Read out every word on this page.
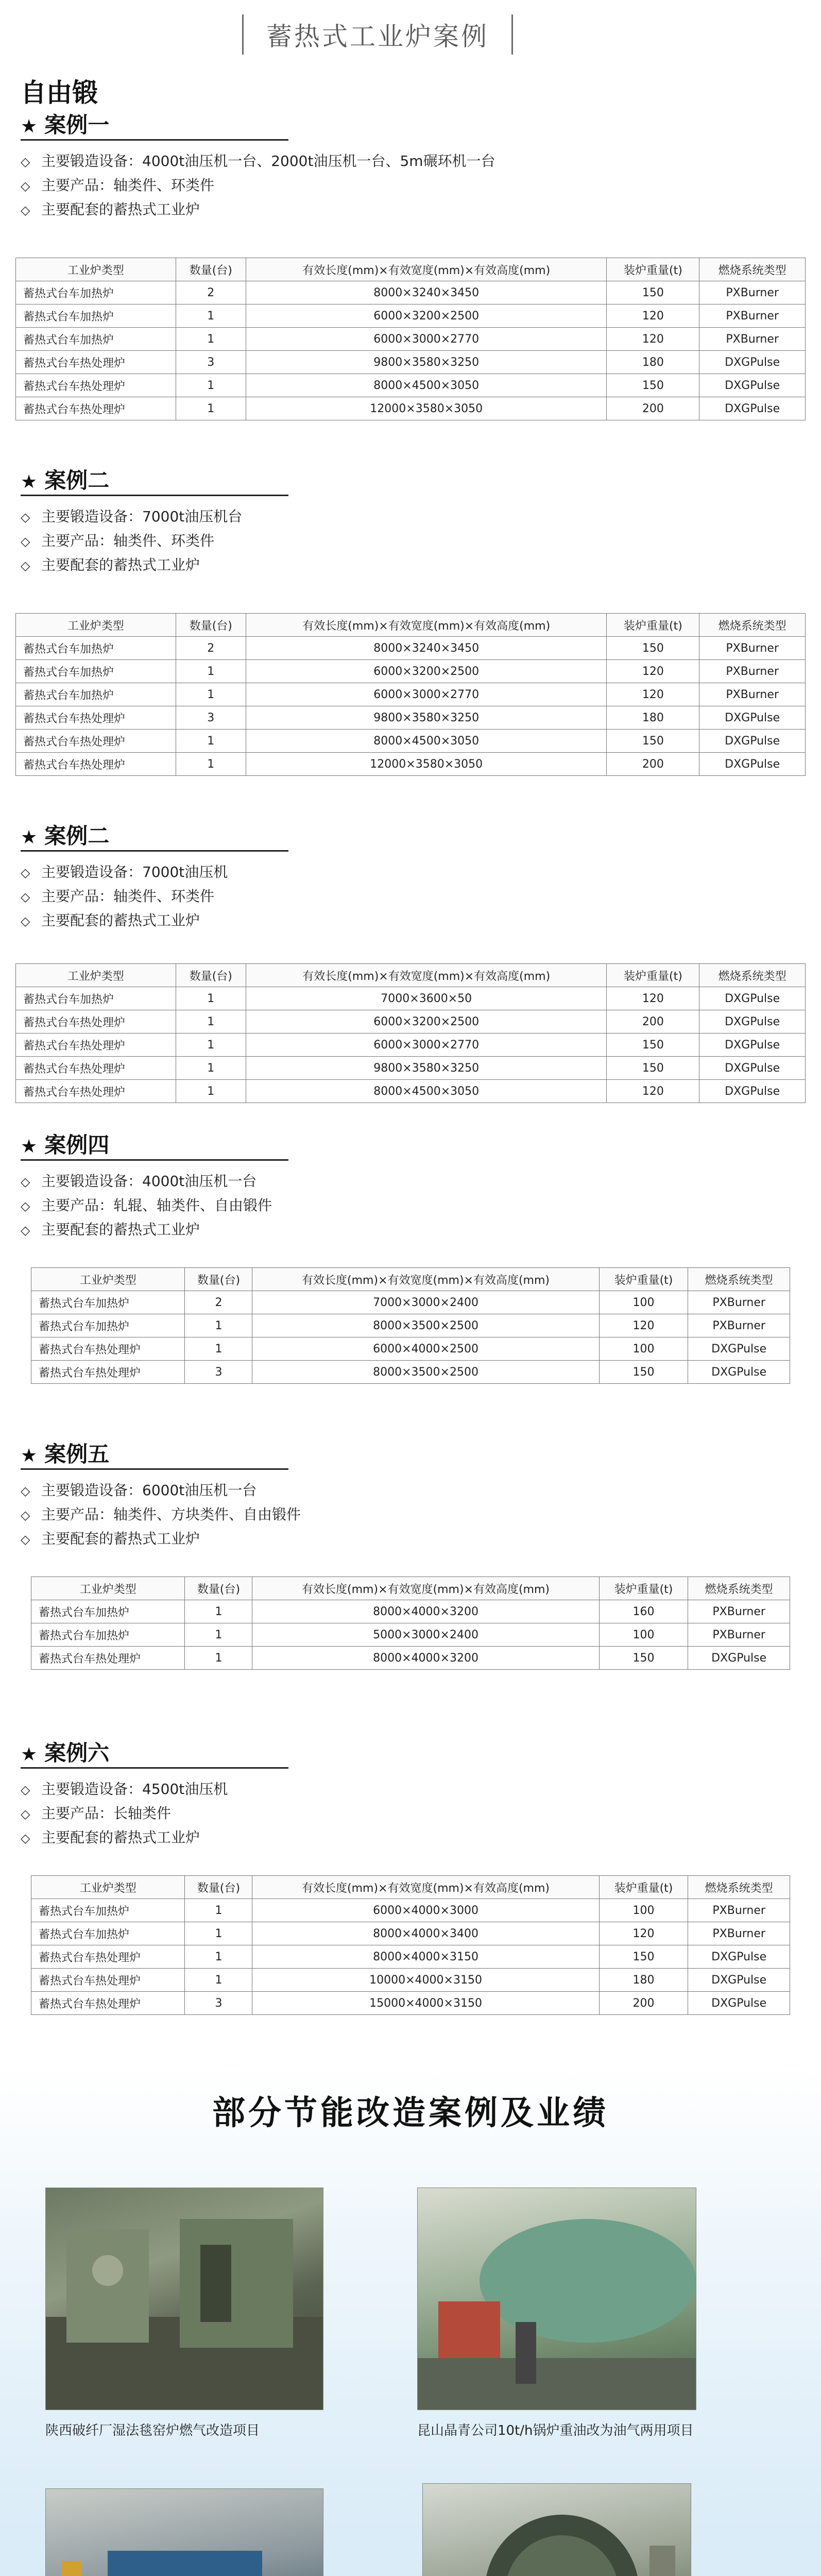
蓄热式工业炉案例
自由锻
★ 案例一
◇ 主要锻造设备：4000t油压机一台、2000t油压机一台、5m碾环机一台
◇ 主要产品：轴类件、环类件
◇ 主要配套的蓄热式工业炉
工业炉类型	数量(台)	有效长度(mm)×有效宽度(mm)×有效高度(mm)	装炉重量(t)	燃烧系统类型
蓄热式台车加热炉	2	8000×3240×3450	150	PXBurner
蓄热式台车加热炉	1	6000×3200×2500	120	PXBurner
蓄热式台车加热炉	1	6000×3000×2770	120	PXBurner
蓄热式台车热处理炉	3	9800×3580×3250	180	DXGPulse
蓄热式台车热处理炉	1	8000×4500×3050	150	DXGPulse
蓄热式台车热处理炉	1	12000×3580×3050	200	DXGPulse
★ 案例二
◇ 主要锻造设备：7000t油压机台
◇ 主要产品：轴类件、环类件
◇ 主要配套的蓄热式工业炉
工业炉类型	数量(台)	有效长度(mm)×有效宽度(mm)×有效高度(mm)	装炉重量(t)	燃烧系统类型
蓄热式台车加热炉	2	8000×3240×3450	150	PXBurner
蓄热式台车加热炉	1	6000×3200×2500	120	PXBurner
蓄热式台车加热炉	1	6000×3000×2770	120	PXBurner
蓄热式台车热处理炉	3	9800×3580×3250	180	DXGPulse
蓄热式台车热处理炉	1	8000×4500×3050	150	DXGPulse
蓄热式台车热处理炉	1	12000×3580×3050	200	DXGPulse
★ 案例二
◇ 主要锻造设备：7000t油压机
◇ 主要产品：轴类件、环类件
◇ 主要配套的蓄热式工业炉
工业炉类型	数量(台)	有效长度(mm)×有效宽度(mm)×有效高度(mm)	装炉重量(t)	燃烧系统类型
蓄热式台车加热炉	1	7000×3600×50	120	DXGPulse
蓄热式台车热处理炉	1	6000×3200×2500	200	DXGPulse
蓄热式台车热处理炉	1	6000×3000×2770	150	DXGPulse
蓄热式台车热处理炉	1	9800×3580×3250	150	DXGPulse
蓄热式台车热处理炉	1	8000×4500×3050	120	DXGPulse
★ 案例四
◇ 主要锻造设备：4000t油压机一台
◇ 主要产品：轧辊、轴类件、自由锻件
◇ 主要配套的蓄热式工业炉
工业炉类型	数量(台)	有效长度(mm)×有效宽度(mm)×有效高度(mm)	装炉重量(t)	燃烧系统类型
蓄热式台车加热炉	2	7000×3000×2400	100	PXBurner
蓄热式台车加热炉	1	8000×3500×2500	120	PXBurner
蓄热式台车热处理炉	1	6000×4000×2500	100	DXGPulse
蓄热式台车热处理炉	3	8000×3500×2500	150	DXGPulse
★ 案例五
◇ 主要锻造设备：6000t油压机一台
◇ 主要产品：轴类件、方块类件、自由锻件
◇ 主要配套的蓄热式工业炉
工业炉类型	数量(台)	有效长度(mm)×有效宽度(mm)×有效高度(mm)	装炉重量(t)	燃烧系统类型
蓄热式台车加热炉	1	8000×4000×3200	160	PXBurner
蓄热式台车加热炉	1	5000×3000×2400	100	PXBurner
蓄热式台车热处理炉	1	8000×4000×3200	150	DXGPulse
★ 案例六
◇ 主要锻造设备：4500t油压机
◇ 主要产品：长轴类件
◇ 主要配套的蓄热式工业炉
工业炉类型	数量(台)	有效长度(mm)×有效宽度(mm)×有效高度(mm)	装炉重量(t)	燃烧系统类型
蓄热式台车加热炉	1	6000×4000×3000	100	PXBurner
蓄热式台车加热炉	1	8000×4000×3400	120	PXBurner
蓄热式台车热处理炉	1	8000×4000×3150	150	DXGPulse
蓄热式台车热处理炉	1	10000×4000×3150	180	DXGPulse
蓄热式台车热处理炉	3	15000×4000×3150	200	DXGPulse
部分节能改造案例及业绩
陕西破纤厂湿法毯窑炉燃气改造项目	昆山晶青公司10t/h锅炉重油改为油气两用项目
